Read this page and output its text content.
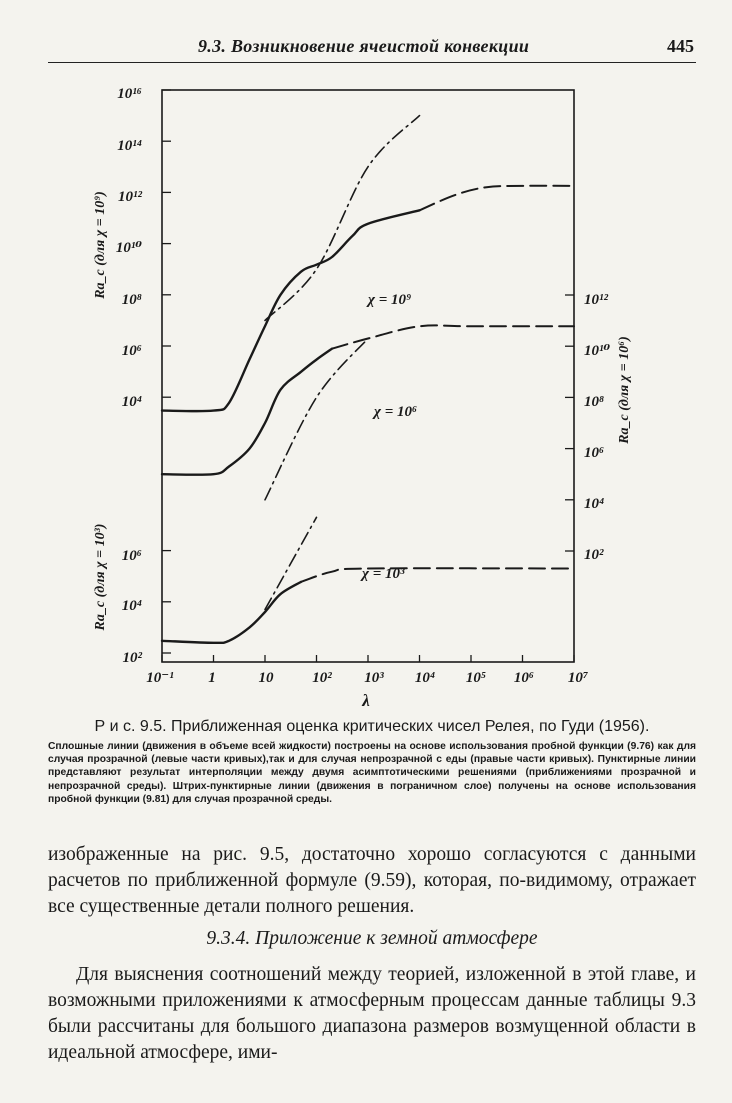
9.3. Возникновение ячеистой конвекции	445
10⁻¹ 1	10	10² 10³ 10⁴ 10⁵ 10⁶ 10⁷
λ
10¹⁶
10¹⁴
10¹²
10¹⁰
10⁸
10⁶
10⁴
10⁶
10⁴
10²
10¹²
10¹⁰
10⁸
10⁶
10⁴
10²
Ra_c (для χ = 10⁹)
Ra_c (для χ = 10⁶)
Ra_c (для χ = 10³)
χ = 10⁹
χ = 10⁶
χ = 10³

Р и с. 9.5. Приближенная оценка критических чисел Релея, по Гуди (1956).

Сплошные линии (движения в объеме всей жидкости) построены на основе использования пробной функции (9.76) как для случая прозрачной (левые части кривых),так и для случая непрозрачной с еды (правые части кривых). Пунктирные линии представляют результат интерполяции между двумя асимптотическими решениями (приближениями прозрачной и непрозрачной среды). Штрих-пунктирные линии (движения в пограничном слое) получены на основе использования пробной функции (9.81) для случая прозрачной среды.

изображенные на рис. 9.5, достаточно хорошо согласуются с данными расчетов по приближенной формуле (9.59), которая, по-видимому, отражает все существенные детали полного решения.

9.3.4. Приложение к земной атмосфере

Для выяснения соотношений между теорией, изложенной в этой главе, и возможными приложениями к атмосферным процессам данные таблицы 9.3 были рассчитаны для большого диапазона размеров возмущенной области в идеальной атмосфере, ими-
